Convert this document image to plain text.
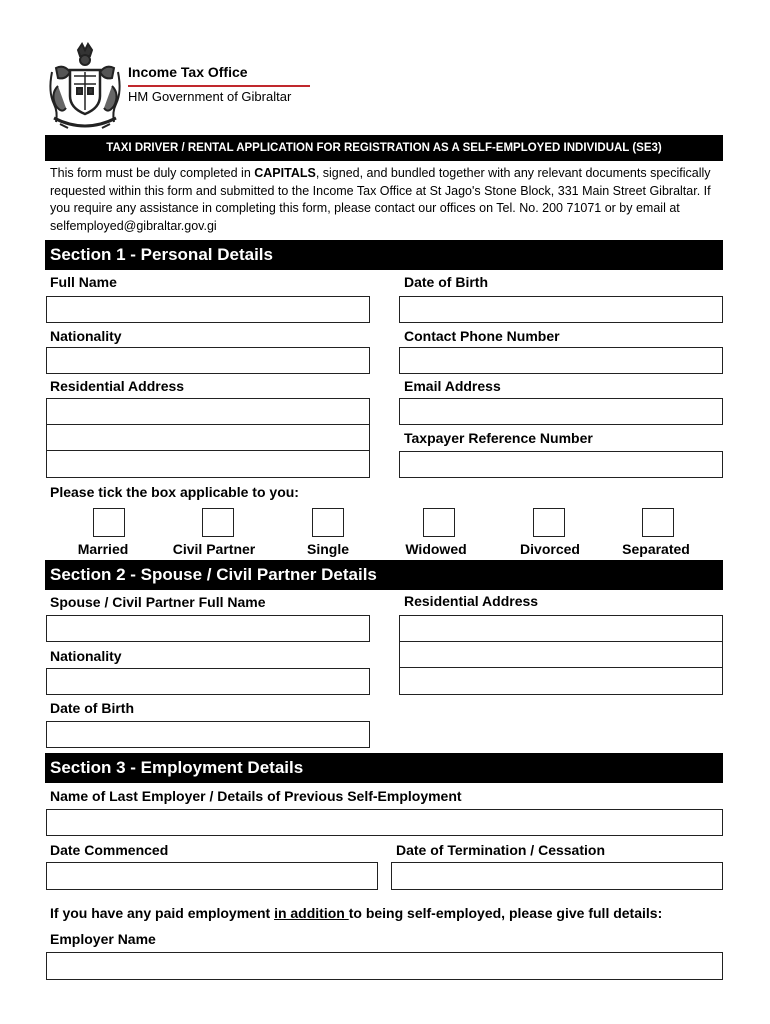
Income Tax Office
HM Government of Gibraltar
TAXI DRIVER / RENTAL APPLICATION FOR REGISTRATION AS A SELF-EMPLOYED INDIVIDUAL (SE3)
This form must be duly completed in CAPITALS, signed, and bundled together with any relevant documents specifically requested within this form and submitted to the Income Tax Office at St Jago's Stone Block, 331 Main Street Gibraltar. If you require any assistance in completing this form, please contact our offices on Tel. No. 200 71071 or by email at selfemployed@gibraltar.gov.gi
Section 1 - Personal Details
Full Name	Date of Birth
Nationality	Contact Phone Number
Residential Address	Email Address
Taxpayer Reference Number
Please tick the box applicable to you:
Married	Civil Partner	Single	Widowed	Divorced	Separated
Section 2 - Spouse / Civil Partner Details
Spouse / Civil Partner Full Name	Residential Address
Nationality
Date of Birth
Section 3 - Employment Details
Name of Last Employer / Details of Previous Self-Employment
Date Commenced	Date of Termination / Cessation
If you have any paid employment in addition to being self-employed, please give full details:
Employer Name
